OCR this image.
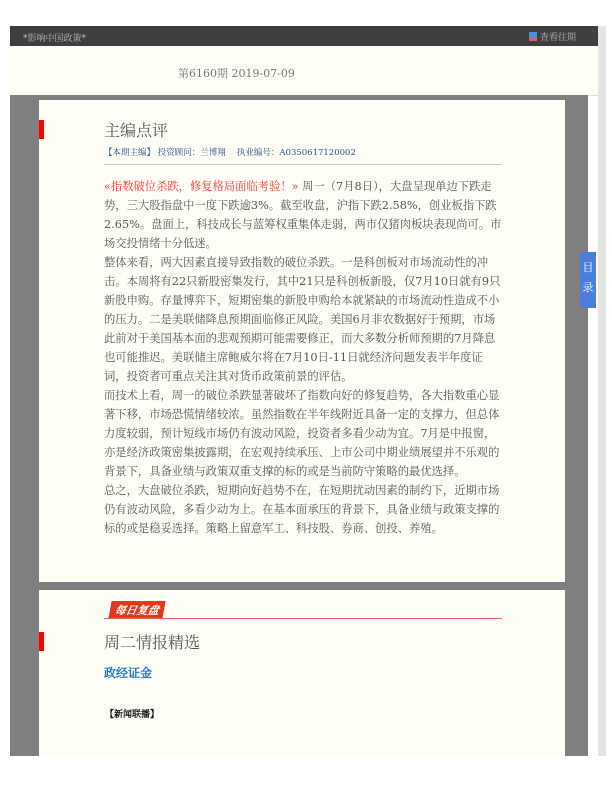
*影响中国政策*	查看往期
第6160期 2019-07-09
主编点评
【本期主编】 投资顾问：兰博翔　 执业编号：A0350617120002

«指数破位杀跌，修复格局面临考验！» 周一（7月8日），大盘呈现单边下跌走势，三大股指盘中一度下跌逾3%。截至收盘，沪指下跌2.58%，创业板指下跌2.65%。盘面上，科技成长与蓝筹权重集体走弱，两市仅猪肉板块表现尚可。市场交投情绪十分低迷。

整体来看，两大因素直接导致指数的破位杀跌。一是科创板对市场流动性的冲击。本周将有22只新股密集发行，其中21只是科创板新股，仅7月10日就有9只新股申购。存量博弈下，短期密集的新股申购给本就紧缺的市场流动性造成不小的压力。二是美联储降息预期面临修正风险。美国6月非农数据好于预期，市场此前对于美国基本面的悲观预期可能需要修正，而大多数分析师预期的7月降息也可能推迟。美联储主席鲍威尔将在7月10日-11日就经济问题发表半年度证词，投资者可重点关注其对货币政策前景的评估。

而技术上看，周一的破位杀跌显著破坏了指数向好的修复趋势，各大指数重心显著下移，市场恐慌情绪较浓。虽然指数在半年线附近具备一定的支撑力，但总体力度较弱，预计短线市场仍有波动风险，投资者多看少动为宜。7月是中报窗，亦是经济政策密集披露期，在宏观持续承压、上市公司中期业绩展望并不乐观的背景下，具备业绩与政策双重支撑的标的或是当前防守策略的最优选择。

总之，大盘破位杀跌，短期向好趋势不在，在短期扰动因素的制约下，近期市场仍有波动风险，多看少动为上。在基本面承压的背景下，具备业绩与政策支撑的标的或是稳妥选择。策略上留意军工、科技股、券商、创投、养殖。

每日复盘
周二情报精选
政经证金
【新闻联播】
目
录
